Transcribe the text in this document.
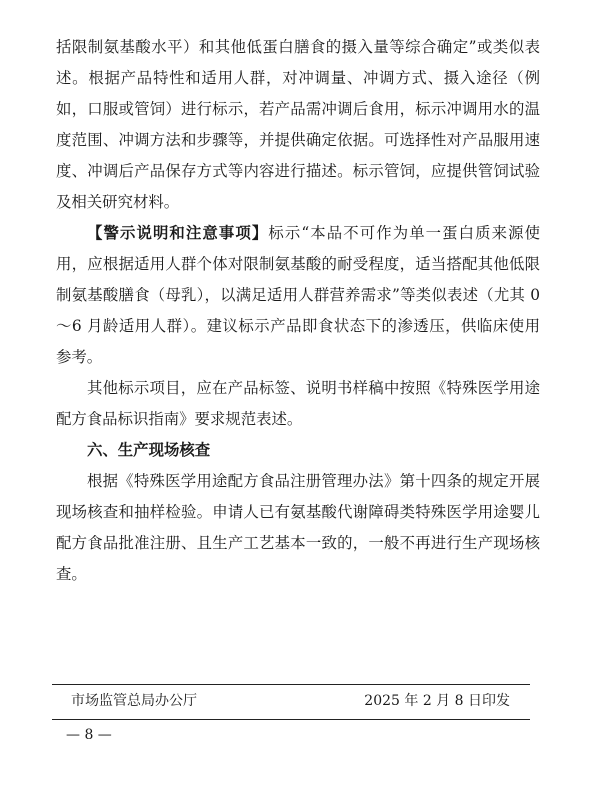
括限制氨基酸水平）和其他低蛋白膳食的摄入量等综合确定”或类似表述。根据产品特性和适用人群，对冲调量、冲调方式、摄入途径（例如，口服或管饲）进行标示，若产品需冲调后食用，标示冲调用水的温度范围、冲调方法和步骤等，并提供确定依据。可选择性对产品服用速度、冲调后产品保存方式等内容进行描述。标示管饲，应提供管饲试验及相关研究材料。

【警示说明和注意事项】标示“本品不可作为单一蛋白质来源使用，应根据适用人群个体对限制氨基酸的耐受程度，适当搭配其他低限制氨基酸膳食（母乳），以满足适用人群营养需求”等类似表述（尤其 0～6 月龄适用人群）。建议标示产品即食状态下的渗透压，供临床使用参考。

其他标示项目，应在产品标签、说明书样稿中按照《特殊医学用途配方食品标识指南》要求规范表述。

六、生产现场核查

根据《特殊医学用途配方食品注册管理办法》第十四条的规定开展现场核查和抽样检验。申请人已有氨基酸代谢障碍类特殊医学用途婴儿配方食品批准注册、且生产工艺基本一致的，一般不再进行生产现场核查。

市场监管总局办公厅	2025 年 2 月 8 日印发
— 8 —
